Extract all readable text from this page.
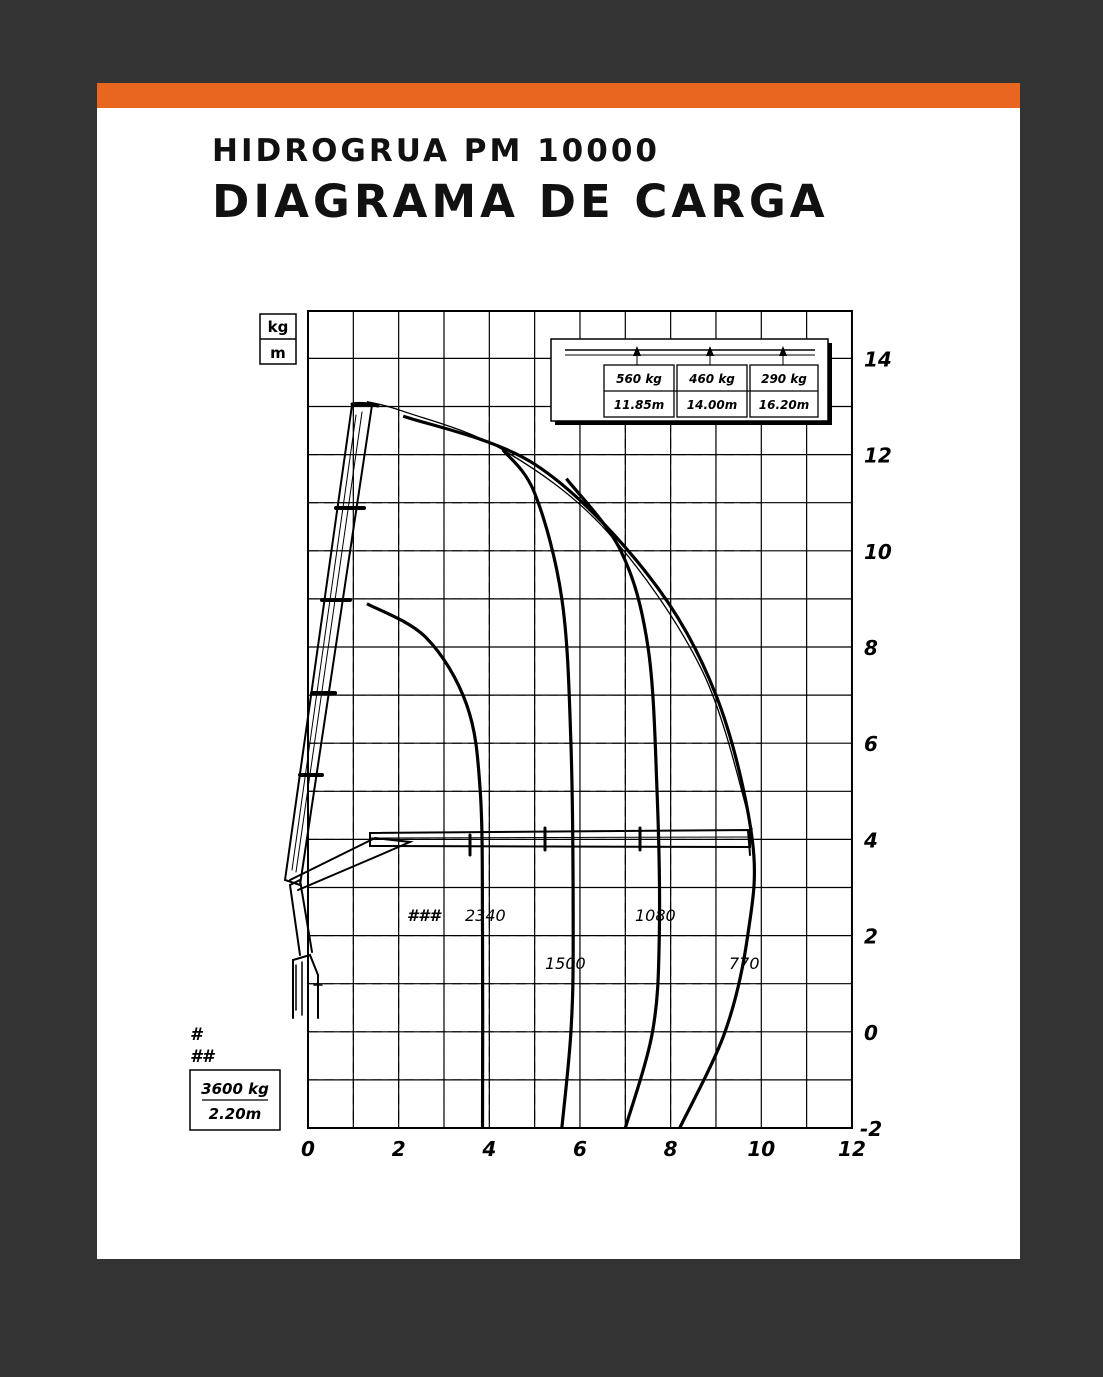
HIDROGRUA PM 10000
DIAGRAMA DE CARGA
0	2	4	6	8	10	12
-2
0
2
4
6
8
10
12
14
kg
m
560 kg 460 kg 290 kg
11.85m 14.00m 16.20m
#
##
3600 kg
2.20m
### 2340
1500
1080
770
